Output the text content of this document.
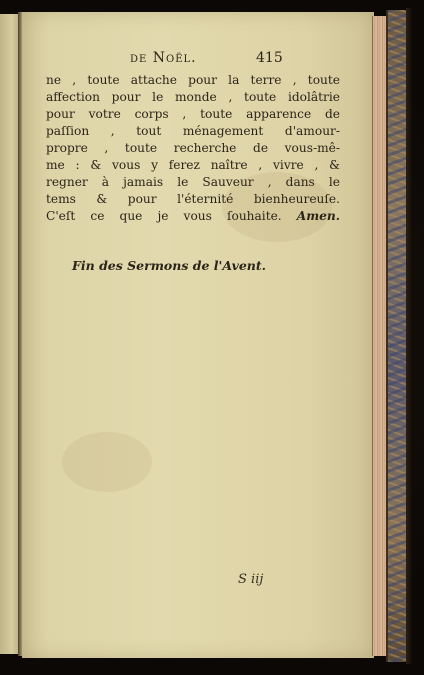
de Noël.	415
ne , toute attache pour la terre , toute
affection pour le monde , toute idolâtrie
pour votre corps , toute apparence de
paſſion , tout ménagement d'amour-
propre , toute recherche de vous-mê-
me : & vous y ferez naître , vivre , &
regner à jamais le Sauveur , dans le
tems & pour l'éternité bienheureuſe.
C'eſt ce que je vous ſouhaite. Amen.
Fin des Sermons de l'Avent.
S iij
